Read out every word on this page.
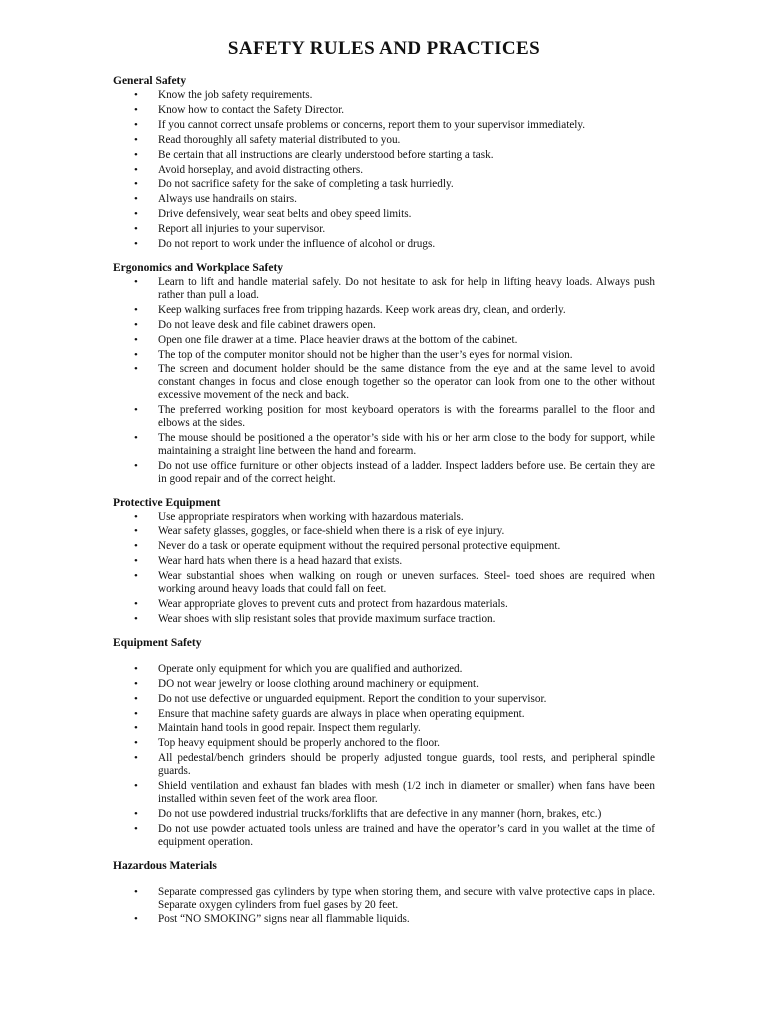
SAFETY RULES AND PRACTICES
General Safety
• Know the job safety requirements.
• Know how to contact the Safety Director.
• If you cannot correct unsafe problems or concerns, report them to your supervisor immediately.
• Read thoroughly all safety material distributed to you.
• Be certain that all instructions are clearly understood before starting a task.
• Avoid horseplay, and avoid distracting others.
• Do not sacrifice safety for the sake of completing a task hurriedly.
• Always use handrails on stairs.
• Drive defensively, wear seat belts and obey speed limits.
• Report all injuries to your supervisor.
• Do not report to work under the influence of alcohol or drugs.
Ergonomics and Workplace Safety
• Learn to lift and handle material safely. Do not hesitate to ask for help in lifting heavy loads. Always push rather than pull a load.
• Keep walking surfaces free from tripping hazards. Keep work areas dry, clean, and orderly.
• Do not leave desk and file cabinet drawers open.
• Open one file drawer at a time. Place heavier draws at the bottom of the cabinet.
• The top of the computer monitor should not be higher than the user’s eyes for normal vision.
• The screen and document holder should be the same distance from the eye and at the same level to avoid constant changes in focus and close enough together so the operator can look from one to the other without excessive movement of the neck and back.
• The preferred working position for most keyboard operators is with the forearms parallel to the floor and elbows at the sides.
• The mouse should be positioned a the operator’s side with his or her arm close to the body for support, while maintaining a straight line between the hand and forearm.
• Do not use office furniture or other objects instead of a ladder. Inspect ladders before use. Be certain they are in good repair and of the correct height.
Protective Equipment
• Use appropriate respirators when working with hazardous materials.
• Wear safety glasses, goggles, or face-shield when there is a risk of eye injury.
• Never do a task or operate equipment without the required personal protective equipment.
• Wear hard hats when there is a head hazard that exists.
• Wear substantial shoes when walking on rough or uneven surfaces. Steel- toed shoes are required when working around heavy loads that could fall on feet.
• Wear appropriate gloves to prevent cuts and protect from hazardous materials.
• Wear shoes with slip resistant soles that provide maximum surface traction.
Equipment Safety
• Operate only equipment for which you are qualified and authorized.
• DO not wear jewelry or loose clothing around machinery or equipment.
• Do not use defective or unguarded equipment. Report the condition to your supervisor.
• Ensure that machine safety guards are always in place when operating equipment.
• Maintain hand tools in good repair. Inspect them regularly.
• Top heavy equipment should be properly anchored to the floor.
• All pedestal/bench grinders should be properly adjusted tongue guards, tool rests, and peripheral spindle guards.
• Shield ventilation and exhaust fan blades with mesh (1/2 inch in diameter or smaller) when fans have been installed within seven feet of the work area floor.
• Do not use powdered industrial trucks/forklifts that are defective in any manner (horn, brakes, etc.)
• Do not use powder actuated tools unless are trained and have the operator’s card in you wallet at the time of equipment operation.
Hazardous Materials
• Separate compressed gas cylinders by type when storing them, and secure with valve protective caps in place. Separate oxygen cylinders from fuel gases by 20 feet.
• Post “NO SMOKING” signs near all flammable liquids.
